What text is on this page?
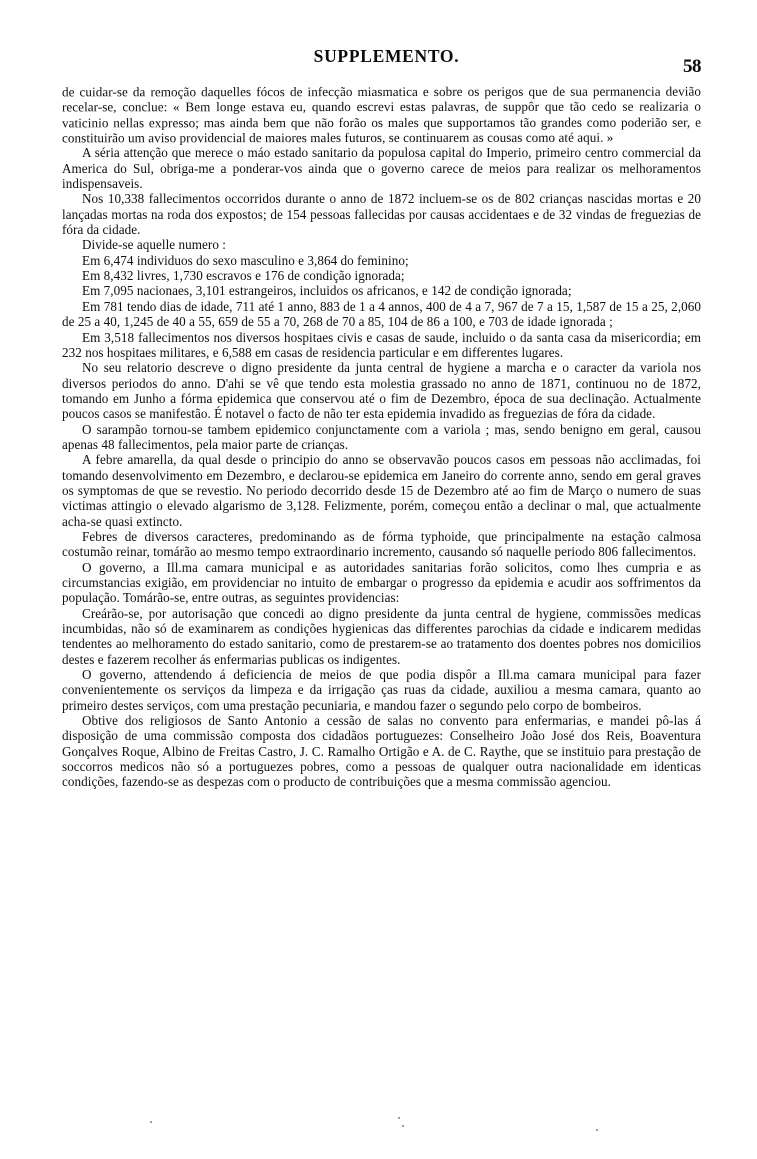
SUPPLEMENTO.
58

de cuidar-se da remoção daquelles fócos de infecção miasmatica e sobre os perigos que de sua permanencia devião recelar-se, conclue: « Bem longe estava eu, quando escrevi estas palavras, de suppôr que tão cedo se realizaria o vaticinio nellas expresso; mas ainda bem que não forão os males que supportamos tão grandes como poderião ser, e constituirão um aviso providencial de maiores males futuros, se continuarem as cousas como até aqui. »

A séria attenção que merece o máo estado sanitario da populosa capital do Imperio, primeiro centro commercial da America do Sul, obriga-me a ponderar-vos ainda que o governo carece de meios para realizar os melhoramentos indispensaveis.

Nos 10,338 fallecimentos occorridos durante o anno de 1872 incluem-se os de 802 crianças nascidas mortas e 20 lançadas mortas na roda dos expostos; de 154 pessoas fallecidas por causas accidentaes e de 32 vindas de freguezias de fóra da cidade.

Divide-se aquelle numero :

Em 6,474 individuos do sexo masculino e 3,864 do feminino;

Em 8,432 livres, 1,730 escravos e 176 de condição ignorada;

Em 7,095 nacionaes, 3,101 estrangeiros, incluidos os africanos, e 142 de condição ignorada;

Em 781 tendo dias de idade, 711 até 1 anno, 883 de 1 a 4 annos, 400 de 4 a 7, 967 de 7 a 15, 1,587 de 15 a 25, 2,060 de 25 a 40, 1,245 de 40 a 55, 659 de 55 a 70, 268 de 70 a 85, 104 de 86 a 100, e 703 de idade ignorada ;

Em 3,518 fallecimentos nos diversos hospitaes civis e casas de saude, incluido o da santa casa da misericordia; em 232 nos hospitaes militares, e 6,588 em casas de residencia particular e em differentes lugares.

No seu relatorio descreve o digno presidente da junta central de hygiene a marcha e o caracter da variola nos diversos periodos do anno. D'ahi se vê que tendo esta molestia grassado no anno de 1871, continuou no de 1872, tomando em Junho a fórma epidemica que conservou até o fim de Dezembro, época de sua declinação. Actualmente poucos casos se manifestão. É notavel o facto de não ter esta epidemia invadido as freguezias de fóra da cidade.

O sarampão tornou-se tambem epidemico conjunctamente com a variola ; mas, sendo benigno em geral, causou apenas 48 fallecimentos, pela maior parte de crianças.

A febre amarella, da qual desde o principio do anno se observavão poucos casos em pessoas não acclimadas, foi tomando desenvolvimento em Dezembro, e declarou-se epidemica em Janeiro do corrente anno, sendo em geral graves os symptomas de que se revestio. No periodo decorrido desde 15 de Dezembro até ao fim de Março o numero de suas victimas attingio o elevado algarismo de 3,128. Felizmente, porém, começou então a declinar o mal, que actualmente acha-se quasi extincto.

Febres de diversos caracteres, predominando as de fórma typhoide, que principalmente na estação calmosa costumão reinar, tomárão ao mesmo tempo extraordinario incremento, causando só naquelle periodo 806 fallecimentos.

O governo, a Ill.ma camara municipal e as autoridades sanitarias forão solicitos, como lhes cumpria e as circumstancias exigião, em providenciar no intuito de embargar o progresso da epidemia e acudir aos soffrimentos da população. Tomárão-se, entre outras, as seguintes providencias:

Creárão-se, por autorisação que concedi ao digno presidente da junta central de hygiene, commissões medicas incumbidas, não só de examinarem as condições hygienicas das differentes parochias da cidade e indicarem medidas tendentes ao melhoramento do estado sanitario, como de prestarem-se ao tratamento dos doentes pobres nos domicilios destes e fazerem recolher ás enfermarias publicas os indigentes.

O governo, attendendo á deficiencia de meios de que podia dispôr a Ill.ma camara municipal para fazer convenientemente os serviços da limpeza e da irrigação ças ruas da cidade, auxiliou a mesma camara, quanto ao primeiro destes serviços, com uma prestação pecuniaria, e mandou fazer o segundo pelo corpo de bombeiros.

Obtive dos religiosos de Santo Antonio a cessão de salas no convento para enfermarias, e mandei pô-las á disposição de uma commissão composta dos cidadãos portuguezes: Conselheiro João José dos Reis, Boaventura Gonçalves Roque, Albino de Freitas Castro, J. C. Ramalho Ortigão e A. de C. Raythe, que se instituio para prestação de soccorros medicos não só a portuguezes pobres, como a pessoas de qualquer outra nacionalidade em identicas condições, fazendo-se as despezas com o producto de contribuições que a mesma commissão agenciou.
